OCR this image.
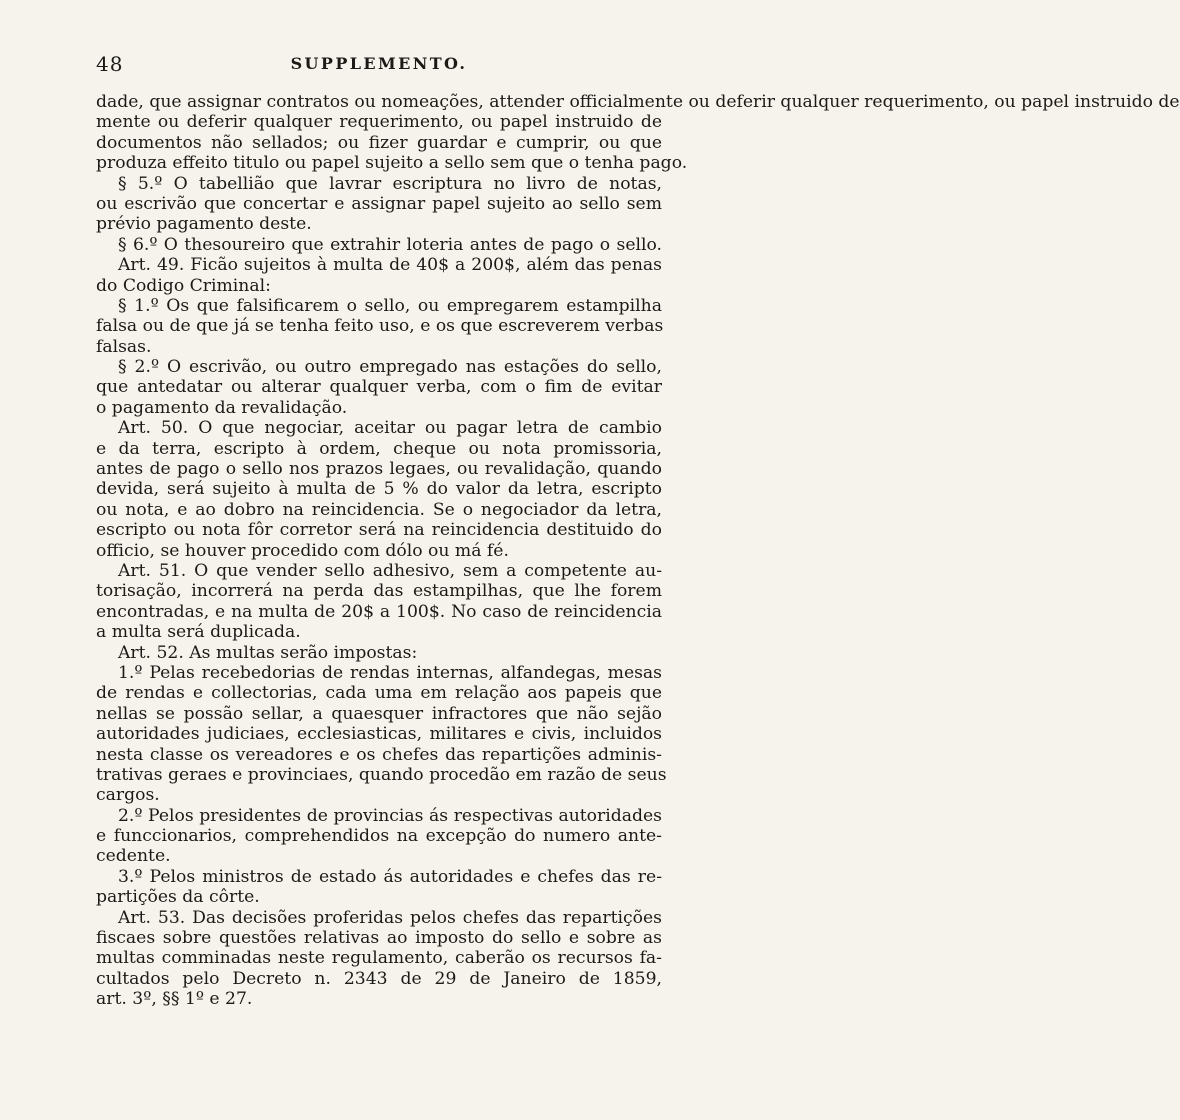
48	SUPPLEMENTO.
dade, que assignar contratos ou nomeações, attender officialmente ou deferir qualquer requerimento, ou papel instruido de
mente ou deferir qualquer requerimento, ou papel instruido de
documentos não sellados; ou fizer guardar e cumprir, ou que
produza effeito titulo ou papel sujeito a sello sem que o tenha pago.
§ 5.º O tabellião que lavrar escriptura no livro de notas,
ou escrivão que concertar e assignar papel sujeito ao sello sem
prévio pagamento deste.
§ 6.º O thesoureiro que extrahir loteria antes de pago o sello.
Art. 49. Ficão sujeitos à multa de 40$ a 200$, além das penas
do Codigo Criminal:
§ 1.º Os que falsificarem o sello, ou empregarem estampilha
falsa ou de que já se tenha feito uso, e os que escreverem verbas
falsas.
§ 2.º O escrivão, ou outro empregado nas estações do sello,
que antedatar ou alterar qualquer verba, com o fim de evitar
o pagamento da revalidação.
Art. 50. O que negociar, aceitar ou pagar letra de cambio
e da terra, escripto à ordem, cheque ou nota promissoria,
antes de pago o sello nos prazos legaes, ou revalidação, quando
devida, será sujeito à multa de 5 % do valor da letra, escripto
ou nota, e ao dobro na reincidencia. Se o negociador da letra,
escripto ou nota fôr corretor será na reincidencia destituido do
officio, se houver procedido com dólo ou má fé.
Art. 51. O que vender sello adhesivo, sem a competente au-
torisação, incorrerá na perda das estampilhas, que lhe forem
encontradas, e na multa de 20$ a 100$. No caso de reincidencia
a multa será duplicada.
Art. 52. As multas serão impostas:
1.º Pelas recebedorias de rendas internas, alfandegas, mesas
de rendas e collectorias, cada uma em relação aos papeis que
nellas se possão sellar, a quaesquer infractores que não sejão
autoridades judiciaes, ecclesiasticas, militares e civis, incluidos
nesta classe os vereadores e os chefes das repartições adminis-
trativas geraes e provinciaes, quando procedão em razão de seus
cargos.
2.º Pelos presidentes de provincias ás respectivas autoridades
e funccionarios, comprehendidos na excepção do numero ante-
cedente.
3.º Pelos ministros de estado ás autoridades e chefes das re-
partições da côrte.
Art. 53. Das decisões proferidas pelos chefes das repartições
fiscaes sobre questões relativas ao imposto do sello e sobre as
multas comminadas neste regulamento, caberão os recursos fa-
cultados pelo Decreto n. 2343 de 29 de Janeiro de 1859,
art. 3º, §§ 1º e 27.
